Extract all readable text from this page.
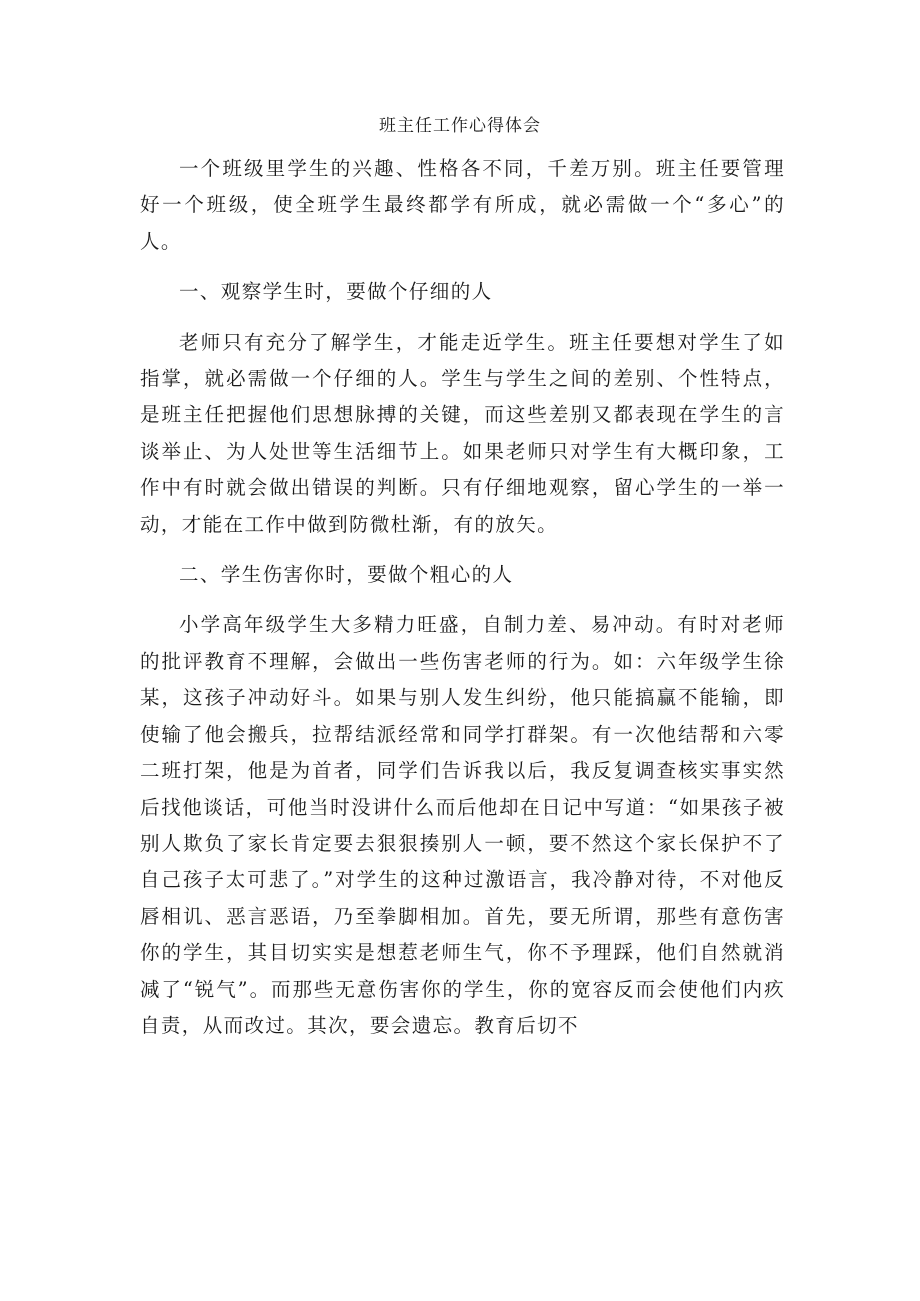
班主任工作心得体会

一个班级里学生的兴趣、性格各不同，千差万别。班主任要管理好一个班级，使全班学生最终都学有所成，就必需做一个“多心”的人。

一、观察学生时，要做个仔细的人

老师只有充分了解学生，才能走近学生。班主任要想对学生了如指掌，就必需做一个仔细的人。学生与学生之间的差别、个性特点，是班主任把握他们思想脉搏的关键，而这些差别又都表现在学生的言谈举止、为人处世等生活细节上。如果老师只对学生有大概印象，工作中有时就会做出错误的判断。只有仔细地观察，留心学生的一举一动，才能在工作中做到防微杜渐，有的放矢。

二、学生伤害你时，要做个粗心的人

小学高年级学生大多精力旺盛，自制力差、易冲动。有时对老师的批评教育不理解，会做出一些伤害老师的行为。如：六年级学生徐某，这孩子冲动好斗。如果与别人发生纠纷，他只能搞赢不能输，即使输了他会搬兵，拉帮结派经常和同学打群架。有一次他结帮和六零二班打架，他是为首者，同学们告诉我以后，我反复调查核实事实然后找他谈话，可他当时没讲什么而后他却在日记中写道：“如果孩子被别人欺负了家长肯定要去狠狠揍别人一顿，要不然这个家长保护不了自己孩子太可悲了。”对学生的这种过激语言，我冷静对待，不对他反唇相讥、恶言恶语，乃至拳脚相加。首先，要无所谓，那些有意伤害你的学生，其目切实实是想惹老师生气，你不予理踩，他们自然就消减了“锐气”。而那些无意伤害你的学生，你的宽容反而会使他们内疚自责，从而改过。其次，要会遗忘。教育后切不
